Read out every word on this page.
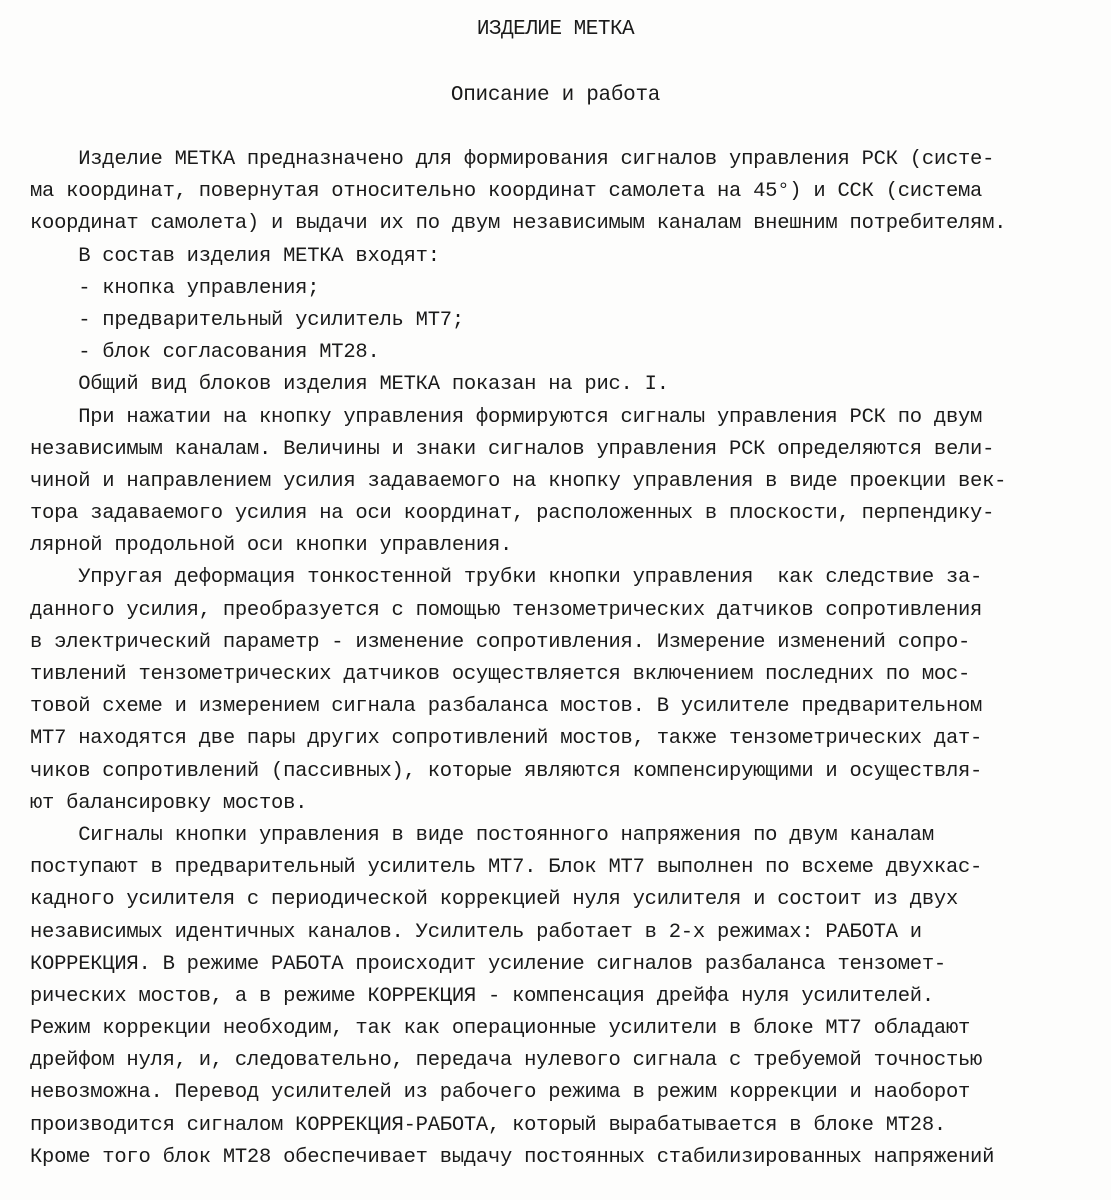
ИЗДЕЛИЕ МЕТКА
Описание и работа
Изделие МЕТКА предназначено для формирования сигналов управления РСК (систе-
ма координат, повернутая относительно координат самолета на 45°) и ССК (система
координат самолета) и выдачи их по двум независимым каналам внешним потребителям.
В состав изделия МЕТКА входят:
- кнопка управления;
- предварительный усилитель МТ7;
- блок согласования МТ28.
Общий вид блоков изделия МЕТКА показан на рис. I.
При нажатии на кнопку управления формируются сигналы управления РСК по двум
независимым каналам. Величины и знаки сигналов управления РСК определяются вели-
чиной и направлением усилия задаваемого на кнопку управления в виде проекции век-
тора задаваемого усилия на оси координат, расположенных в плоскости, перпендику-
лярной продольной оси кнопки управления.
Упругая деформация тонкостенной трубки кнопки управления  как следствие за-
данного усилия, преобразуется с помощью тензометрических датчиков сопротивления
в электрический параметр - изменение сопротивления. Измерение изменений сопро-
тивлений тензометрических датчиков осуществляется включением последних по мос-
товой схеме и измерением сигнала разбаланса мостов. В усилителе предварительном
МТ7 находятся две пары других сопротивлений мостов, также тензометрических дат-
чиков сопротивлений (пассивных), которые являются компенсирующими и осуществля-
ют балансировку мостов.
Сигналы кнопки управления в виде постоянного напряжения по двум каналам
поступают в предварительный усилитель МТ7. Блок МТ7 выполнен по всхеме двухкас-
кадного усилителя с периодической коррекцией нуля усилителя и состоит из двух
независимых идентичных каналов. Усилитель работает в 2-х режимах: РАБОТА и
КОРРЕКЦИЯ. В режиме РАБОТА происходит усиление сигналов разбаланса тензомет-
рических мостов, а в режиме КОРРЕКЦИЯ - компенсация дрейфа нуля усилителей.
Режим коррекции необходим, так как операционные усилители в блоке МТ7 обладают
дрейфом нуля, и, следовательно, передача нулевого сигнала с требуемой точностью
невозможна. Перевод усилителей из рабочего режима в режим коррекции и наоборот
производится сигналом КОРРЕКЦИЯ-РАБОТА, который вырабатывается в блоке МТ28.
Кроме того блок МТ28 обеспечивает выдачу постоянных стабилизированных напряжений
